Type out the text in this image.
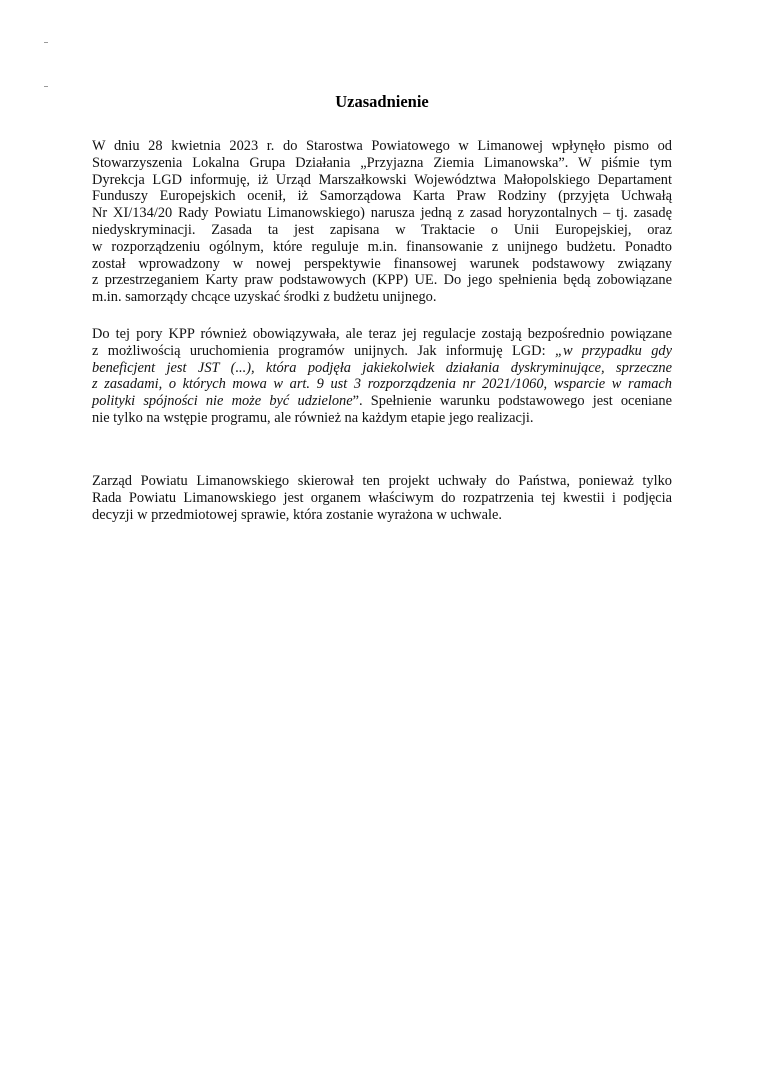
Uzasadnienie

W dniu 28 kwietnia 2023 r. do Starostwa Powiatowego w Limanowej wpłynęło pismo od
Stowarzyszenia Lokalna Grupa Działania „Przyjazna Ziemia Limanowska”. W piśmie tym
Dyrekcja LGD informuję, iż Urząd Marszałkowski Województwa Małopolskiego Departament
Funduszy Europejskich ocenił, iż Samorządowa Karta Praw Rodziny (przyjęta Uchwałą
Nr XI/134/20 Rady Powiatu Limanowskiego) narusza jedną z zasad horyzontalnych – tj. zasadę
niedyskryminacji. Zasada ta jest zapisana w Traktacie o Unii Europejskiej, oraz
w rozporządzeniu ogólnym, które reguluje m.in. finansowanie z unijnego budżetu. Ponadto
został wprowadzony w nowej perspektywie finansowej warunek podstawowy związany
z przestrzeganiem Karty praw podstawowych (KPP) UE. Do jego spełnienia będą zobowiązane
m.in. samorządy chcące uzyskać środki z budżetu unijnego.

Do tej pory KPP również obowiązywała, ale teraz jej regulacje zostają bezpośrednio powiązane
z możliwością uruchomienia programów unijnych. Jak informuję LGD: „w przypadku gdy
beneficjent jest JST (...), która podjęła jakiekolwiek działania dyskryminujące, sprzeczne
z zasadami, o których mowa w art. 9 ust 3 rozporządzenia nr 2021/1060, wsparcie w ramach
polityki spójności nie może być udzielone”. Spełnienie warunku podstawowego jest oceniane
nie tylko na wstępie programu, ale również na każdym etapie jego realizacji.

Zarząd Powiatu Limanowskiego skierował ten projekt uchwały do Państwa, ponieważ tylko
Rada Powiatu Limanowskiego jest organem właściwym do rozpatrzenia tej kwestii i podjęcia
decyzji w przedmiotowej sprawie, która zostanie wyrażona w uchwale.
